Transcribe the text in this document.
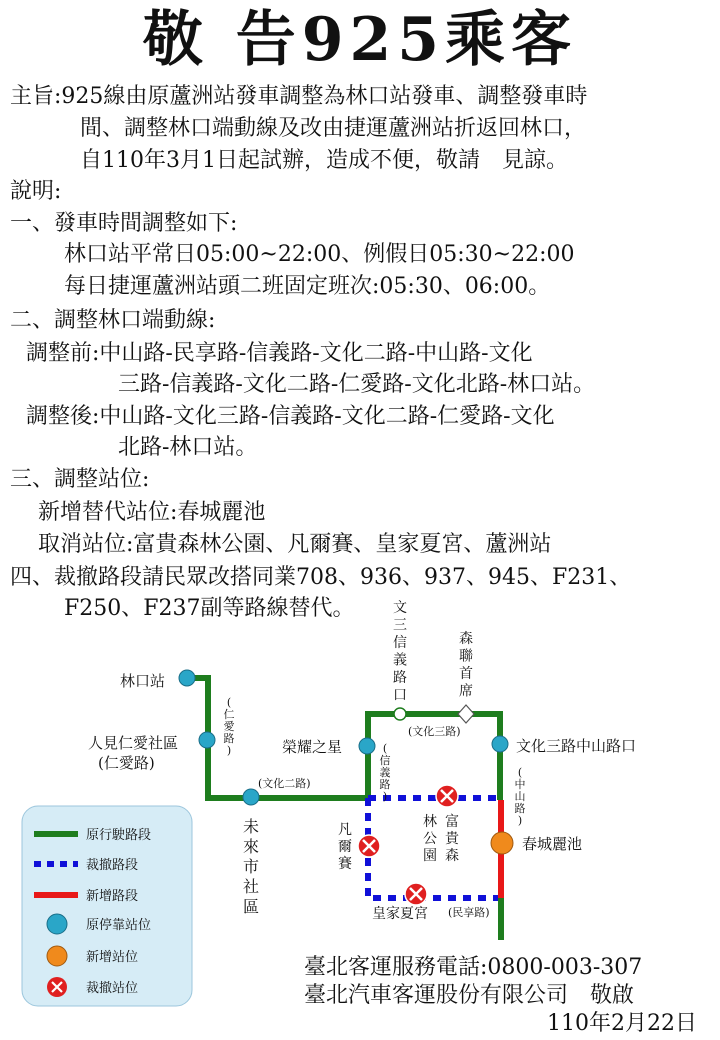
敬 告925乘客
主旨:925線由原蘆洲站發車調整為林口站發車、調整發車時
間、調整林口端動線及改由捷運蘆洲站折返回林口，
自110年3月1日起試辦，造成不便，敬請　見諒。
說明:
一、發車時間調整如下:
林口站平常日05:00~22:00、例假日05:30~22:00
每日捷運蘆洲站頭二班固定班次:05:30、06:00。
二、調整林口端動線:
調整前:中山路-民享路-信義路-文化二路-中山路-文化
三路-信義路-文化二路-仁愛路-文化北路-林口站。
調整後:中山路-文化三路-信義路-文化二路-仁愛路-文化
北路-林口站。
三、調整站位:
新增替代站位:春城麗池
取消站位:富貴森林公園、凡爾賽、皇家夏宮、蘆洲站
四、裁撤路段請民眾改搭同業708、936、937、945、F231、
F250、F237副等路線替代。
林口站
人見仁愛社區
(仁愛路)
榮耀之星	文化三路中山路口
春城麗池
皇家夏宮
未
來
市
社
區
文
三
信
義
路
口
森
聯
首
席
富
貴
森
林
公
園
凡
爾
賽
(
仁
愛
路
)	(
信
義
路
)
(
中
山
路
)
(文化二路)
(文化三路)
(民享路)
原行駛路段
裁撤路段
新增路段
原停靠站位
新增站位
裁撤站位
臺北客運服務電話:0800-003-307
臺北汽車客運股份有限公司　敬啟
110年2月22日
